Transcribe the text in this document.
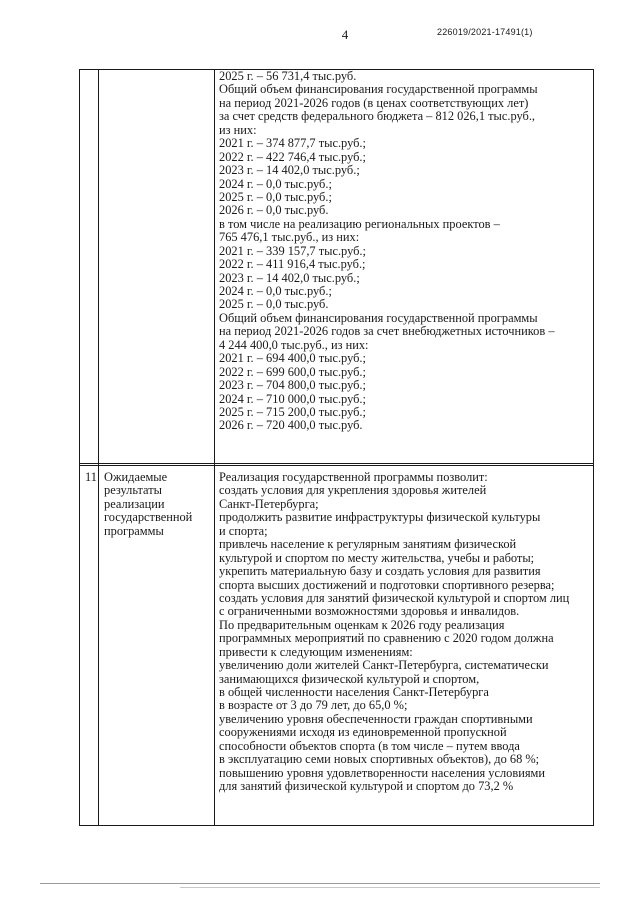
4	226019/2021-17491(1)
2025 г. – 56 731,4 тыс.руб.
Общий объем финансирования государственной программы
на период 2021-2026 годов (в ценах соответствующих лет)
за счет средств федерального бюджета – 812 026,1 тыс.руб.,
из них:
2021 г. – 374 877,7 тыс.руб.;
2022 г. – 422 746,4 тыс.руб.;
2023 г. – 14 402,0 тыс.руб.;
2024 г. – 0,0 тыс.руб.;
2025 г. – 0,0 тыс.руб.;
2026 г. – 0,0 тыс.руб.
в том числе на реализацию региональных проектов –
765 476,1 тыс.руб., из них:
2021 г. – 339 157,7 тыс.руб.;
2022 г. – 411 916,4 тыс.руб.;
2023 г. – 14 402,0 тыс.руб.;
2024 г. – 0,0 тыс.руб.;
2025 г. – 0,0 тыс.руб.
Общий объем финансирования государственной программы
на период 2021-2026 годов за счет внебюджетных источников –
4 244 400,0 тыс.руб., из них:
2021 г. – 694 400,0 тыс.руб.;
2022 г. – 699 600,0 тыс.руб.;
2023 г. – 704 800,0 тыс.руб.;
2024 г. – 710 000,0 тыс.руб.;
2025 г. – 715 200,0 тыс.руб.;
2026 г. – 720 400,0 тыс.руб.
11 Ожидаемые
результаты
реализации
государственной
программы
Реализация государственной программы позволит:
создать условия для укрепления здоровья жителей
Санкт-Петербурга;
продолжить развитие инфраструктуры физической культуры
и спорта;
привлечь население к регулярным занятиям физической
культурой и спортом по месту жительства, учебы и работы;
укрепить материальную базу и создать условия для развития
спорта высших достижений и подготовки спортивного резерва;
создать условия для занятий физической культурой и спортом лиц
с ограниченными возможностями здоровья и инвалидов.
По предварительным оценкам к 2026 году реализация
программных мероприятий по сравнению с 2020 годом должна
привести к следующим изменениям:
увеличению доли жителей Санкт-Петербурга, систематически
занимающихся физической культурой и спортом,
в общей численности населения Санкт-Петербурга
в возрасте от 3 до 79 лет, до 65,0 %;
увеличению уровня обеспеченности граждан спортивными
сооружениями исходя из единовременной пропускной
способности объектов спорта (в том числе – путем ввода
в эксплуатацию семи новых спортивных объектов), до 68 %;
повышению уровня удовлетворенности населения условиями
для занятий физической культурой и спортом до 73,2 %
